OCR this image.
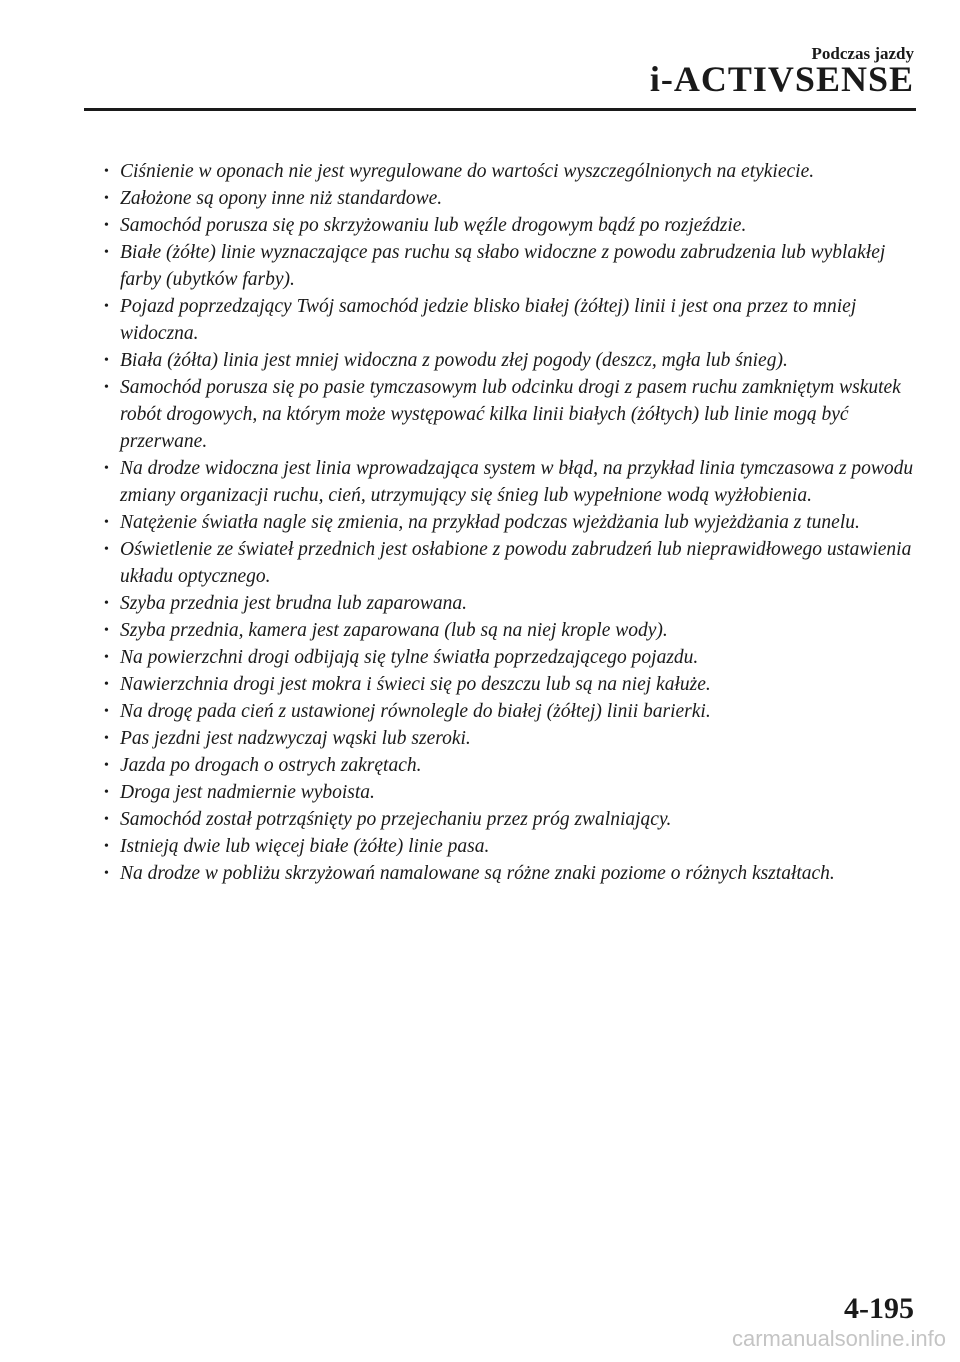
Podczas jazdy

i-ACTIVSENSE
• Ciśnienie w oponach nie jest wyregulowane do wartości wyszczególnionych na etykiecie.
• Założone są opony inne niż standardowe.
• Samochód porusza się po skrzyżowaniu lub węźle drogowym bądź po rozjeździe.
• Białe (żółte) linie wyznaczające pas ruchu są słabo widoczne z powodu zabrudzenia lub wyblakłej farby (ubytków farby).
• Pojazd poprzedzający Twój samochód jedzie blisko białej (żółtej) linii i jest ona przez to mniej widoczna.
• Biała (żółta) linia jest mniej widoczna z powodu złej pogody (deszcz, mgła lub śnieg).
• Samochód porusza się po pasie tymczasowym lub odcinku drogi z pasem ruchu zamkniętym wskutek robót drogowych, na którym może występować kilka linii białych (żółtych) lub linie mogą być przerwane.
• Na drodze widoczna jest linia wprowadzająca system w błąd, na przykład linia tymczasowa z powodu zmiany organizacji ruchu, cień, utrzymujący się śnieg lub wypełnione wodą wyżłobienia.
• Natężenie światła nagle się zmienia, na przykład podczas wjeżdżania lub wyjeżdżania z tunelu.
• Oświetlenie ze świateł przednich jest osłabione z powodu zabrudzeń lub nieprawidłowego ustawienia układu optycznego.
• Szyba przednia jest brudna lub zaparowana.
• Szyba przednia, kamera jest zaparowana (lub są na niej krople wody).
• Na powierzchni drogi odbijają się tylne światła poprzedzającego pojazdu.
• Nawierzchnia drogi jest mokra i świeci się po deszczu lub są na niej kałuże.
• Na drogę pada cień z ustawionej równolegle do białej (żółtej) linii barierki.
• Pas jezdni jest nadzwyczaj wąski lub szeroki.
• Jazda po drogach o ostrych zakrętach.
• Droga jest nadmiernie wyboista.
• Samochód został potrząśnięty po przejechaniu przez próg zwalniający.
• Istnieją dwie lub więcej białe (żółte) linie pasa.
• Na drodze w pobliżu skrzyżowań namalowane są różne znaki poziome o różnych kształtach.

4-195

carmanualsonline.info
